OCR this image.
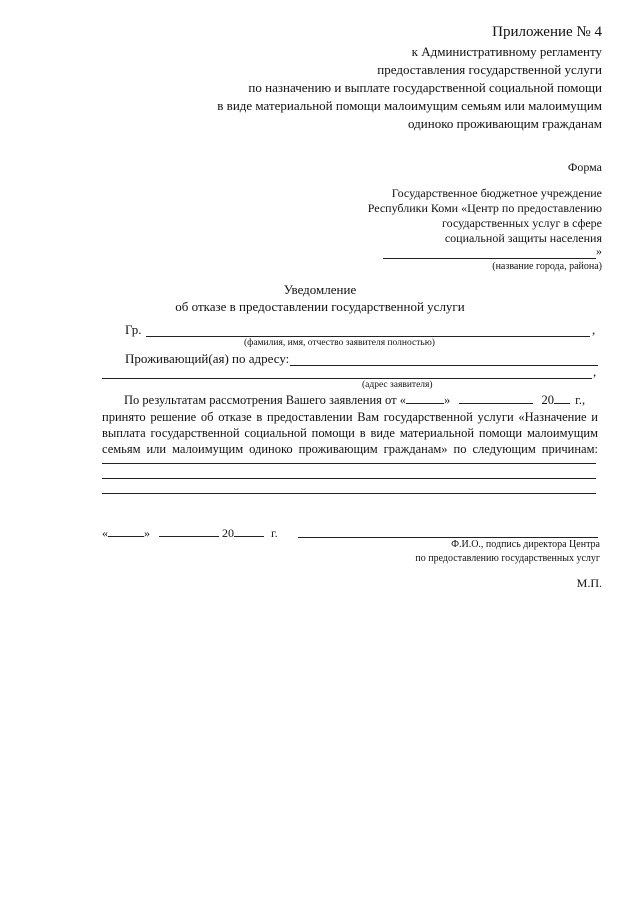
Приложение № 4
к Административному регламенту
предоставления государственной услуги
по назначению и выплате государственной социальной помощи
в виде материальной помощи малоимущим семьям или малоимущим
одиноко проживающим гражданам
Форма
Государственное бюджетное учреждение
Республики Коми «Центр по предоставлению
государственных услуг в сфере
социальной защиты населения
»
(название города, района)
Уведомление
об отказе в предоставлении государственной услуги
Гр.	,
(фамилия, имя, отчество заявителя полностью)
Проживающий(ая) по адресу:
,
(адрес заявителя)
По результатам рассмотрения Вашего заявления от «	»	20 г.,
принято решение об отказе в предоставлении Вам государственной услуги «Назначение и
выплата государственной социальной помощи в виде материальной помощи малоимущим
семьям или малоимущим одиноко проживающим гражданам» по следующим причинам:
«	»	20	г.
Ф.И.О., подпись директора Центра
по предоставлению государственных услуг
М.П.
